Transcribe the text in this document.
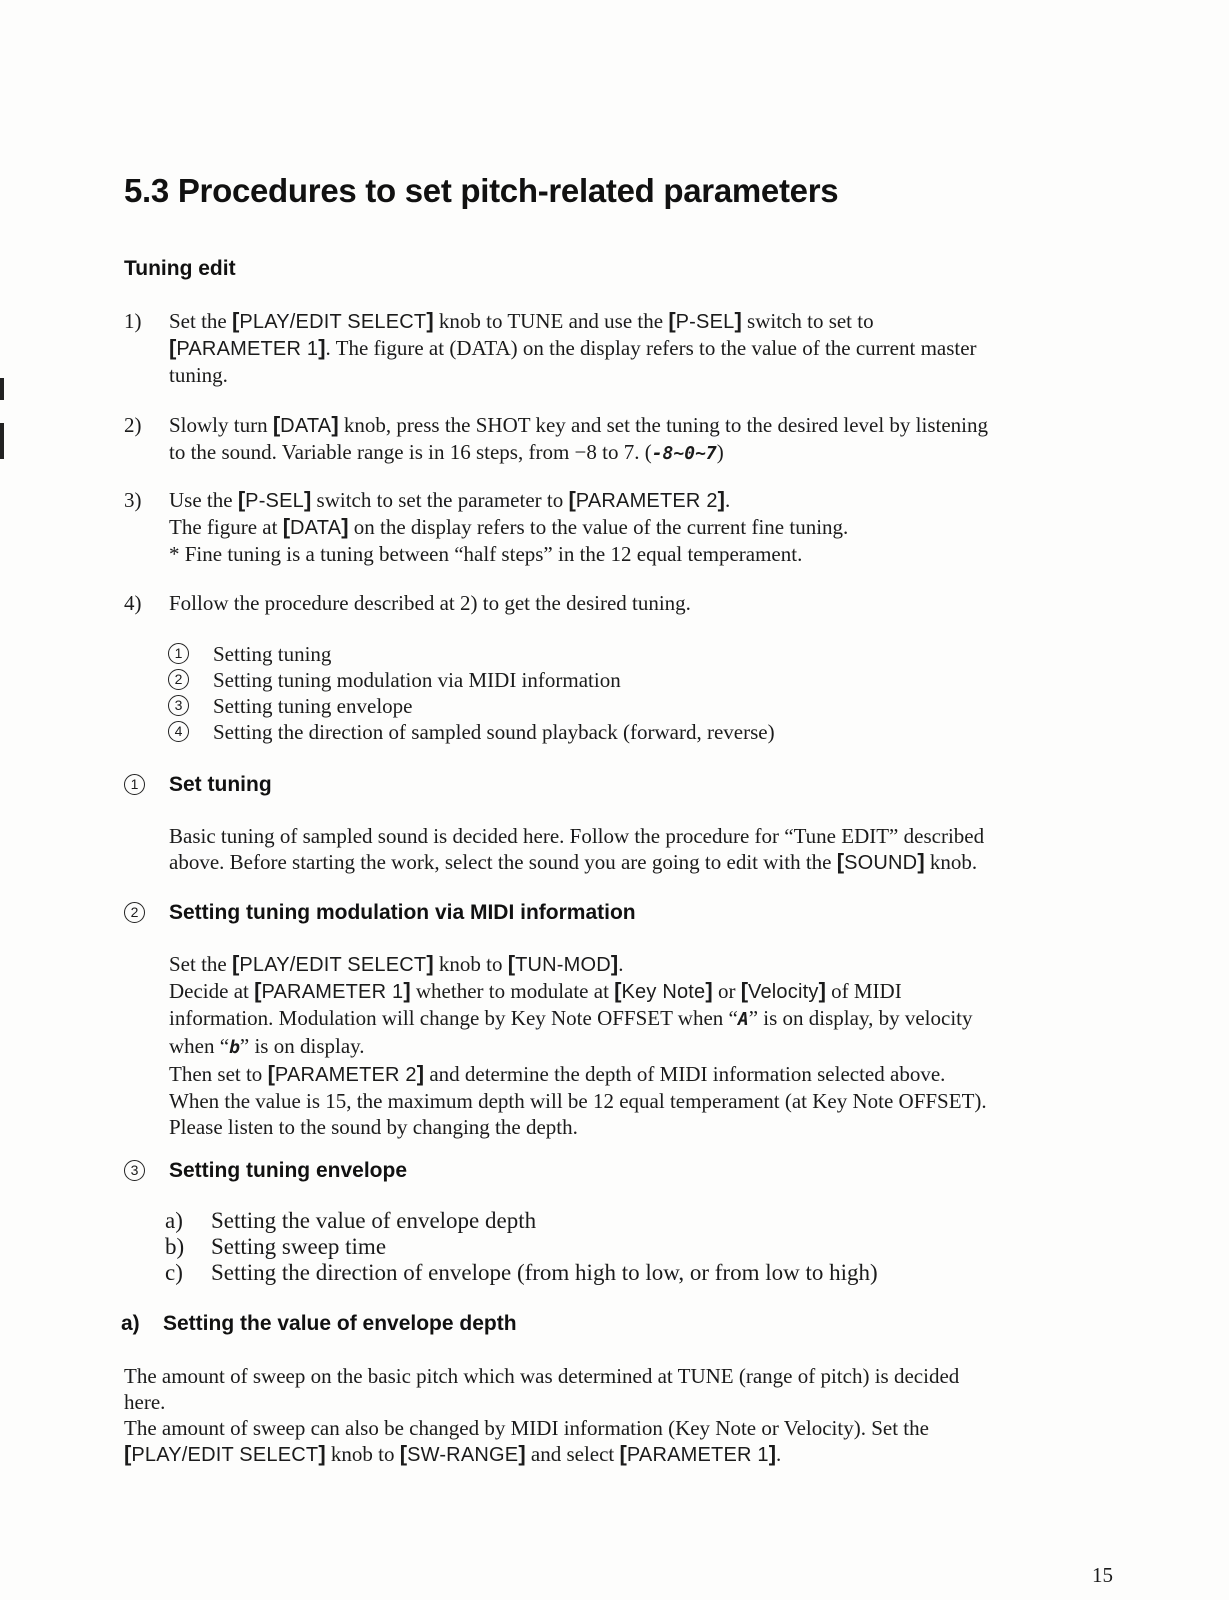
5.3 Procedures to set pitch-related parameters
Tuning edit
1) Set the [PLAY/EDIT SELECT] knob to TUNE and use the [P-SEL] switch to set to
[PARAMETER 1]. The figure at (DATA) on the display refers to the value of the current master
tuning.
2) Slowly turn [DATA] knob, press the SHOT key and set the tuning to the desired level by listening
to the sound. Variable range is in 16 steps, from −8 to 7. (-8~0~7)
3) Use the [P-SEL] switch to set the parameter to [PARAMETER 2].
The figure at [DATA] on the display refers to the value of the current fine tuning.
* Fine tuning is a tuning between “half steps” in the 12 equal temperament.
4) Follow the procedure described at 2) to get the desired tuning.
1	Setting tuning
2	Setting tuning modulation via MIDI information
3	Setting tuning envelope
4	Setting the direction of sampled sound playback (forward, reverse)
1	Set tuning
Basic tuning of sampled sound is decided here. Follow the procedure for “Tune EDIT” described
above. Before starting the work, select the sound you are going to edit with the [SOUND] knob.
2	Setting tuning modulation via MIDI information
Set the [PLAY/EDIT SELECT] knob to [TUN-MOD].
Decide at [PARAMETER 1] whether to modulate at [Key Note] or [Velocity] of MIDI
information. Modulation will change by Key Note OFFSET when “A” is on display, by velocity
when “b” is on display.
Then set to [PARAMETER 2] and determine the depth of MIDI information selected above.
When the value is 15, the maximum depth will be 12 equal temperament (at Key Note OFFSET).
Please listen to the sound by changing the depth.
3	Setting tuning envelope
a) Setting the value of envelope depth
b) Setting sweep time
c) Setting the direction of envelope (from high to low, or from low to high)
a) Setting the value of envelope depth
The amount of sweep on the basic pitch which was determined at TUNE (range of pitch) is decided
here.
The amount of sweep can also be changed by MIDI information (Key Note or Velocity). Set the
[PLAY/EDIT SELECT] knob to [SW-RANGE] and select [PARAMETER 1].
15
